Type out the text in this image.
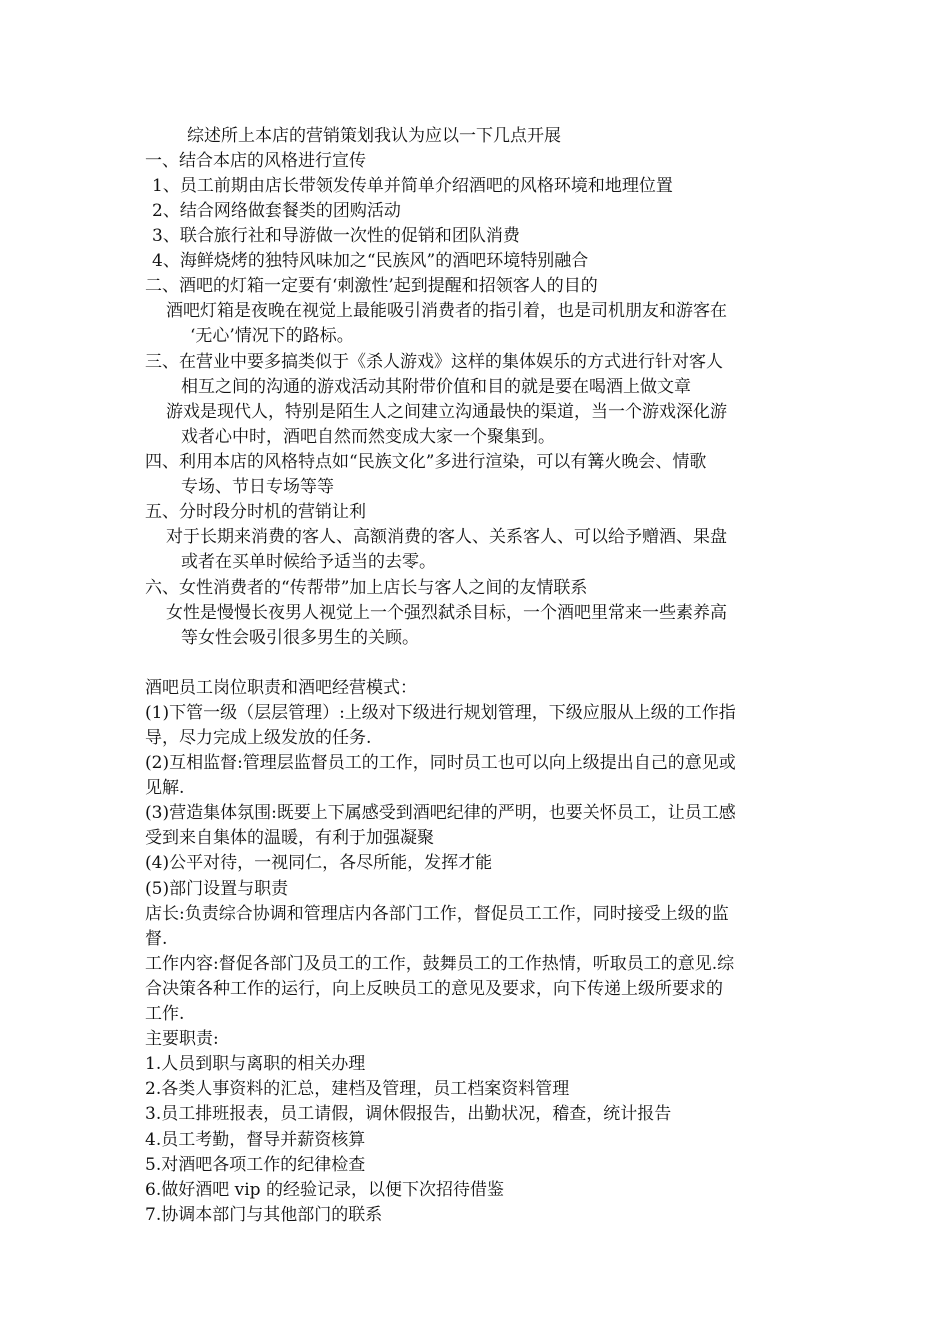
综述所上本店的营销策划我认为应以一下几点开展
一、结合本店的风格进行宣传
1、员工前期由店长带领发传单并简单介绍酒吧的风格环境和地理位置
2、结合网络做套餐类的团购活动
3、联合旅行社和导游做一次性的促销和团队消费
4、海鲜烧烤的独特风味加之“民族风”的酒吧环境特别融合
二、酒吧的灯箱一定要有‘刺激性’起到提醒和招领客人的目的
酒吧灯箱是夜晚在视觉上最能吸引消费者的指引着，也是司机朋友和游客在
‘无心’情况下的路标。
三、在营业中要多搞类似于《杀人游戏》这样的集体娱乐的方式进行针对客人
相互之间的沟通的游戏活动其附带价值和目的就是要在喝酒上做文章
游戏是现代人，特别是陌生人之间建立沟通最快的渠道，当一个游戏深化游
戏者心中时，酒吧自然而然变成大家一个聚集到。
四、利用本店的风格特点如“民族文化”多进行渲染，可以有篝火晚会、情歌
专场、节日专场等等
五、分时段分时机的营销让利
对于长期来消费的客人、高额消费的客人、关系客人、可以给予赠酒、果盘
或者在买单时候给予适当的去零。
六、女性消费者的“传帮带”加上店长与客人之间的友情联系
女性是慢慢长夜男人视觉上一个强烈弑杀目标，一个酒吧里常来一些素养高
等女性会吸引很多男生的关顾。
酒吧员工岗位职责和酒吧经营模式：
(1)下管一级（层层管理）:上级对下级进行规划管理，下级应服从上级的工作指
导，尽力完成上级发放的任务.
(2)互相监督:管理层监督员工的工作，同时员工也可以向上级提出自己的意见或
见解.
(3)营造集体氛围:既要上下属感受到酒吧纪律的严明，也要关怀员工，让员工感
受到来自集体的温暖，有利于加强凝聚
(4)公平对待，一视同仁，各尽所能，发挥才能
(5)部门设置与职责
店长:负责综合协调和管理店内各部门工作，督促员工工作，同时接受上级的监
督.
工作内容:督促各部门及员工的工作，鼓舞员工的工作热情，听取员工的意见.综
合决策各种工作的运行，向上反映员工的意见及要求，向下传递上级所要求的
工作.
主要职责:
1.人员到职与离职的相关办理
2.各类人事资料的汇总，建档及管理，员工档案资料管理
3.员工排班报表，员工请假，调休假报告，出勤状况，稽查，统计报告
4.员工考勤，督导并薪资核算
5.对酒吧各项工作的纪律检查
6.做好酒吧 vip 的经验记录，以便下次招待借鉴
7.协调本部门与其他部门的联系
